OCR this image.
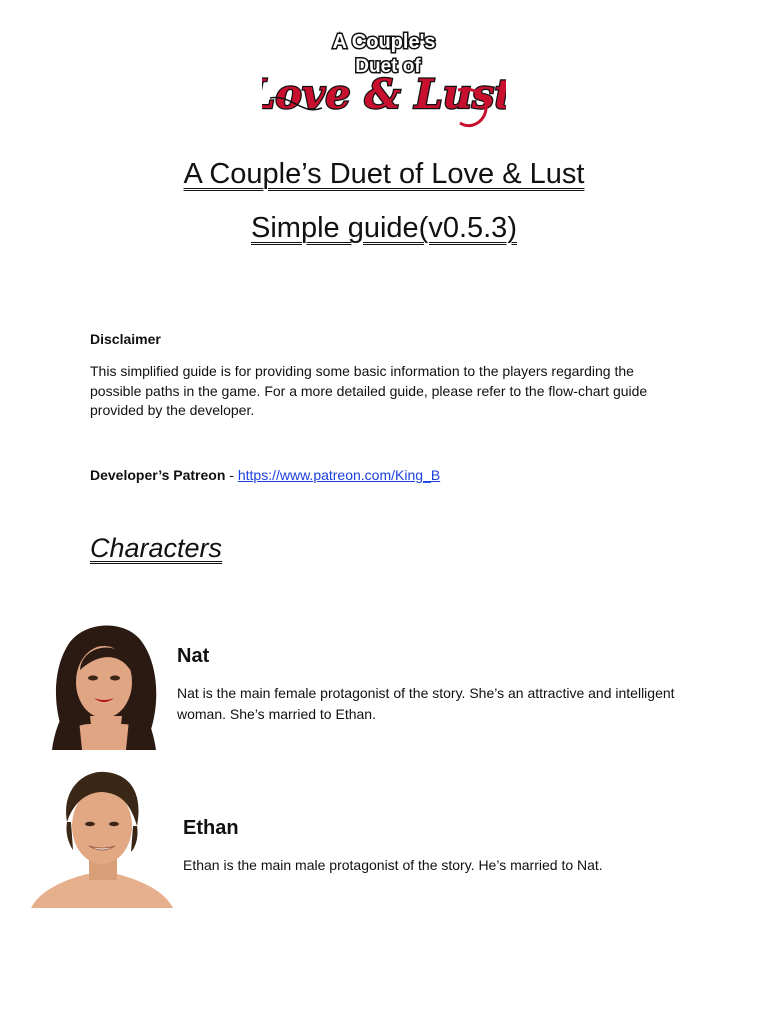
A Couple's
Duet of
Love & Lust
A Couple’s Duet of Love & Lust
Simple guide(v0.5.3)
Disclaimer
This simplified guide is for providing some basic information to the players regarding the possible paths in the game. For a more detailed guide, please refer to the flow-chart guide provided by the developer.
Developer’s Patreon - https://www.patreon.com/King_B
Characters
Nat
Nat is the main female protagonist of the story. She’s an attractive and intelligent woman. She’s married to Ethan.
Ethan
Ethan is the main male protagonist of the story. He’s married to Nat.
